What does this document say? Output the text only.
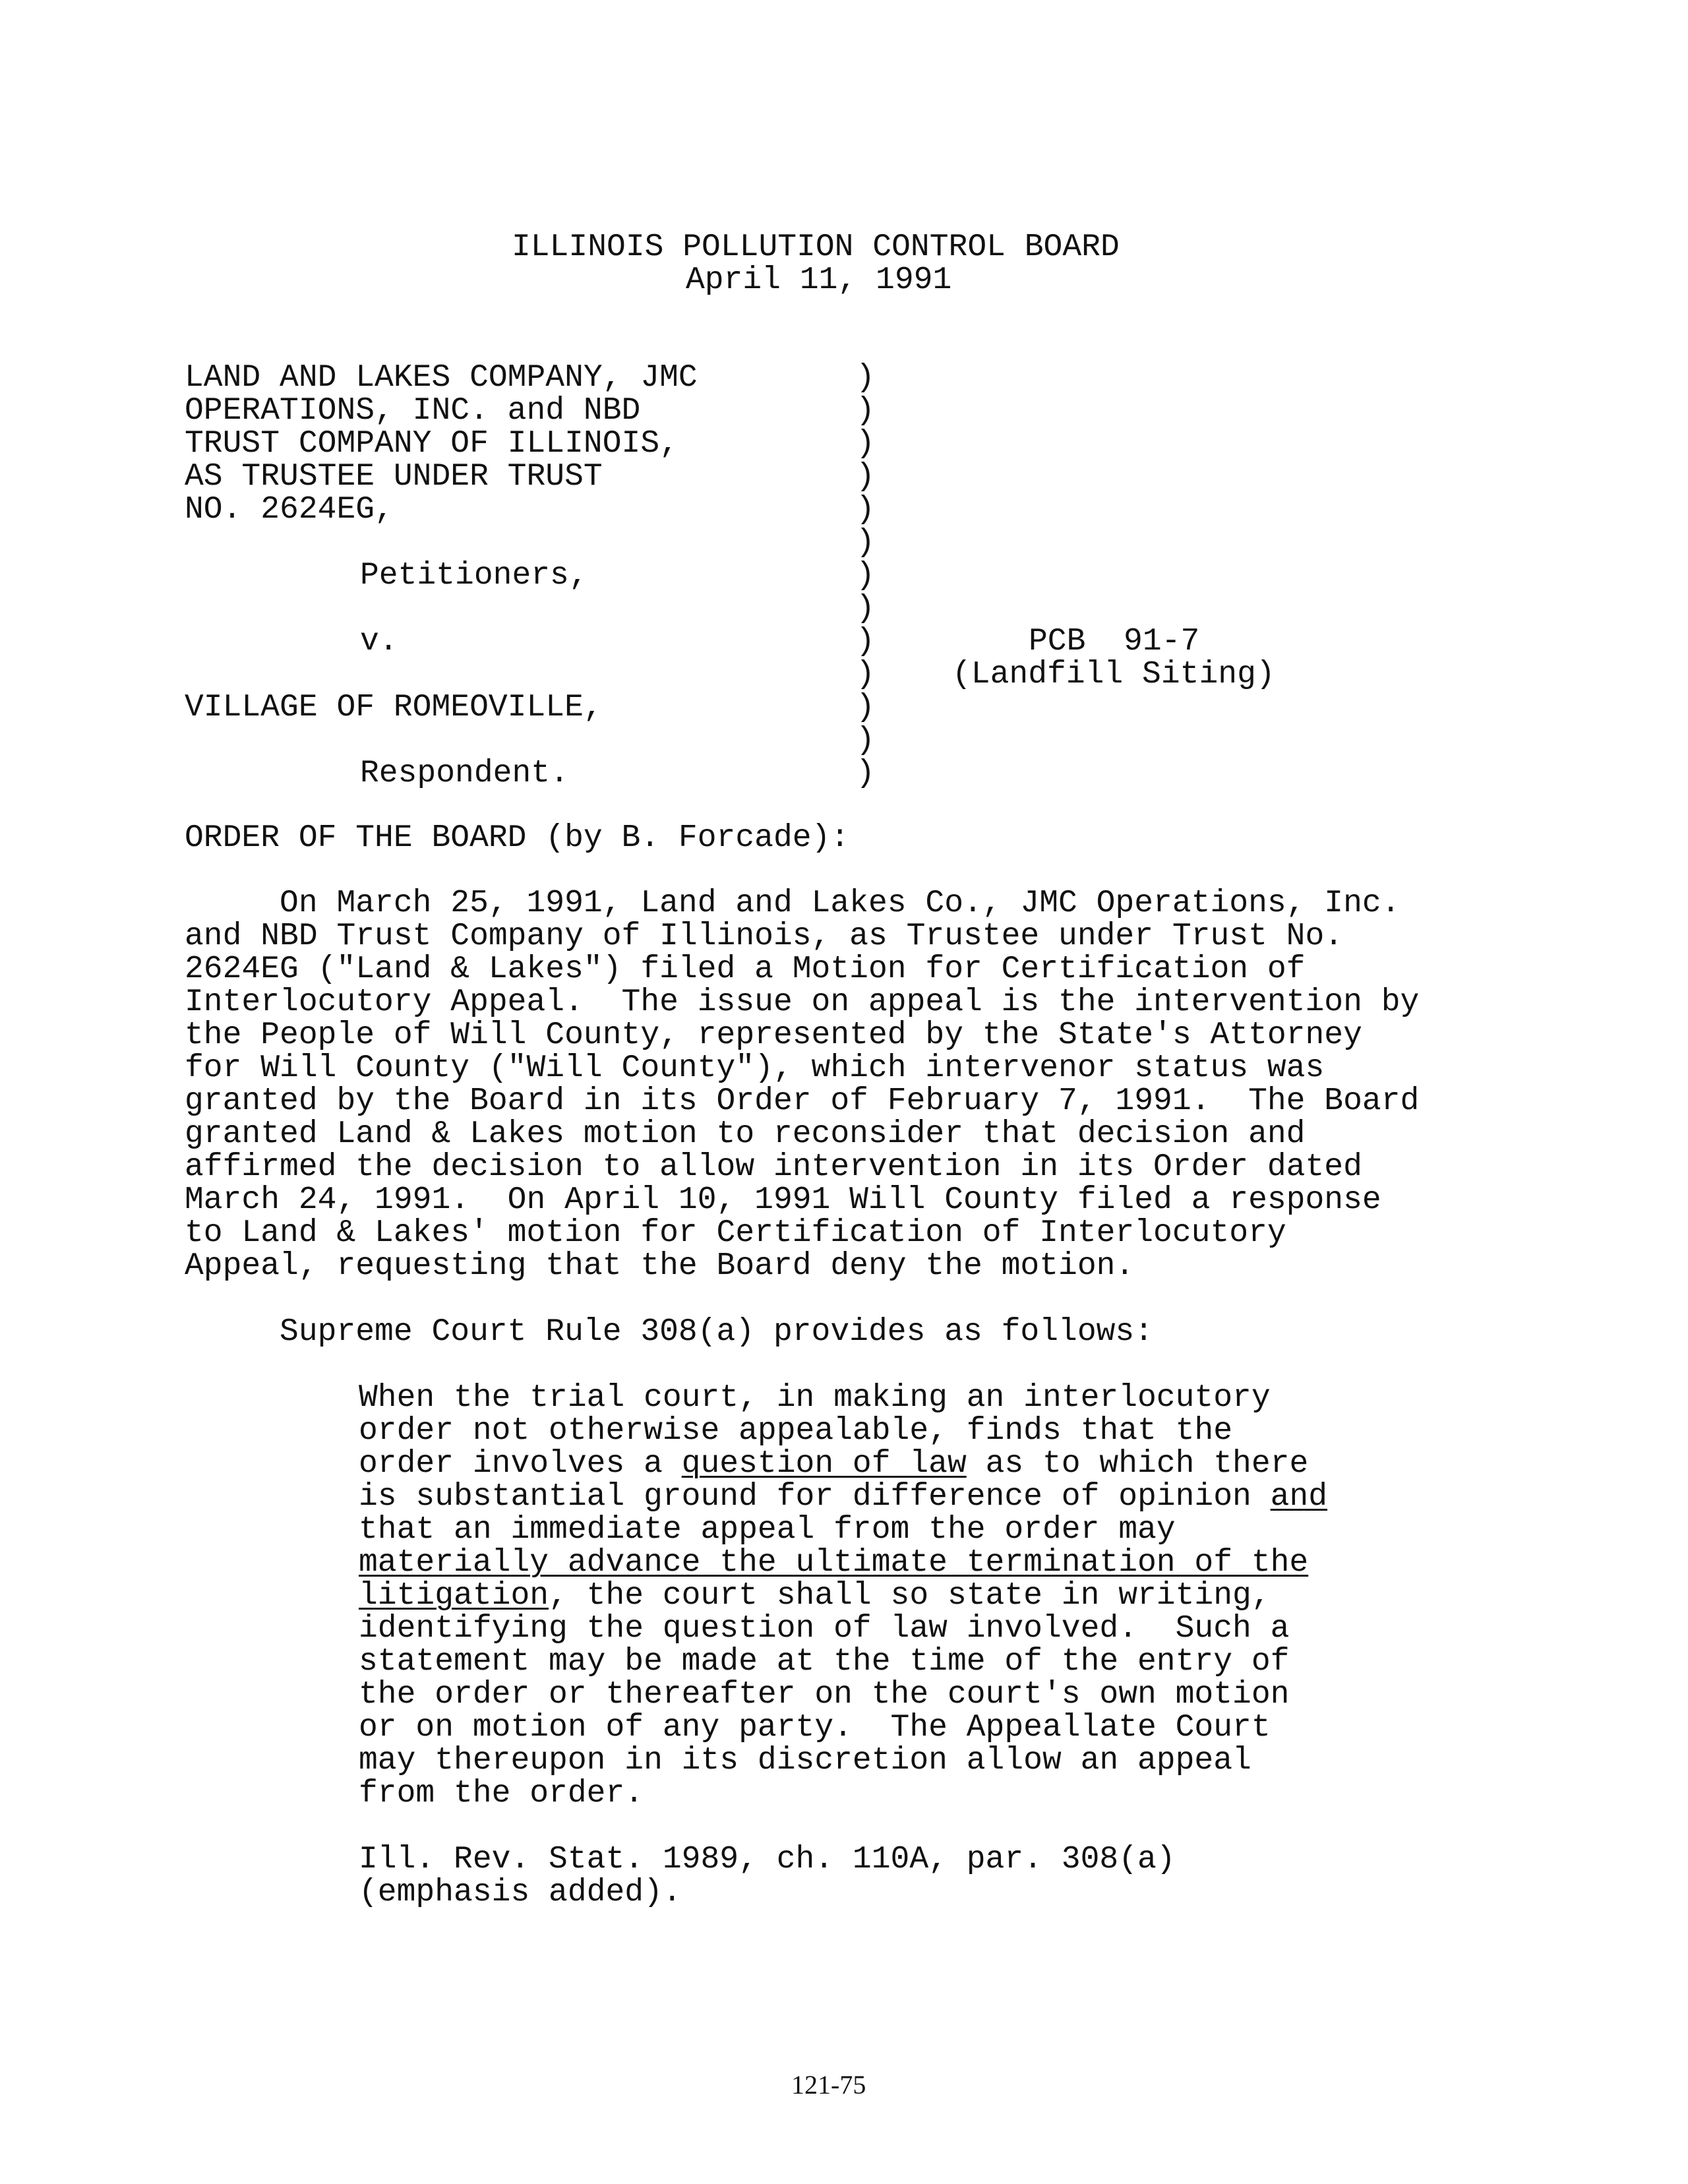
ILLINOIS POLLUTION CONTROL BOARD
April 11, 1991
LAND AND LAKES COMPANY, JMC
OPERATIONS, INC. and NBD
TRUST COMPANY OF ILLINOIS,
AS TRUSTEE UNDER TRUST
NO. 2624EG,
Petitioners,
v.
VILLAGE OF ROMEOVILLE,
Respondent.
)
)
)
)
)
)
)
)
)
)
)
)
)
PCB  91-7
(Landfill Siting)
ORDER OF THE BOARD (by B. Forcade):
On March 25, 1991, Land and Lakes Co., JMC Operations, Inc.
and NBD Trust Company of Illinois, as Trustee under Trust No.
2624EG ("Land & Lakes") filed a Motion for Certification of
Interlocutory Appeal.  The issue on appeal is the intervention by
the People of Will County, represented by the State's Attorney
for Will County ("Will County"), which intervenor status was
granted by the Board in its Order of February 7, 1991.  The Board
granted Land & Lakes motion to reconsider that decision and
affirmed the decision to allow intervention in its Order dated
March 24, 1991.  On April 10, 1991 Will County filed a response
to Land & Lakes' motion for Certification of Interlocutory
Appeal, requesting that the Board deny the motion.
Supreme Court Rule 308(a) provides as follows:
When the trial court, in making an interlocutory
order not otherwise appealable, finds that the
order involves a question of law as to which there
is substantial ground for difference of opinion and
that an immediate appeal from the order may
materially advance the ultimate termination of the
litigation, the court shall so state in writing,
identifying the question of law involved.  Such a
statement may be made at the time of the entry of
the order or thereafter on the court's own motion
or on motion of any party.  The Appeallate Court
may thereupon in its discretion allow an appeal
from the order.
Ill. Rev. Stat. 1989, ch. 110A, par. 308(a)
(emphasis added).
121-75
